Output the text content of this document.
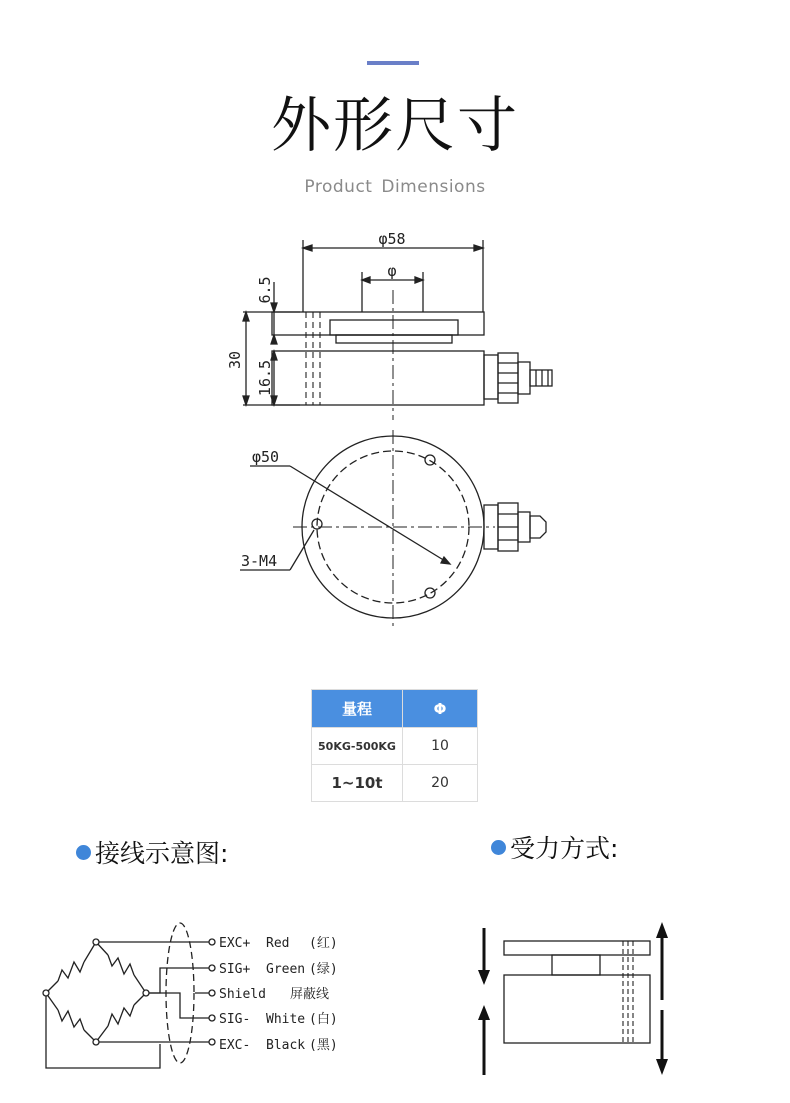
外形尺寸
Product Dimensions
φ58
φ
6.5
30 16.5
φ50
3-M4
量程	Φ
50KG-500KG	10
1~10t	20
接线示意图:	受力方式:
EXC+ Red (红)
SIG+ Green (绿)
Shield 屏蔽线
SIG- White (白)
EXC- Black (黑)
